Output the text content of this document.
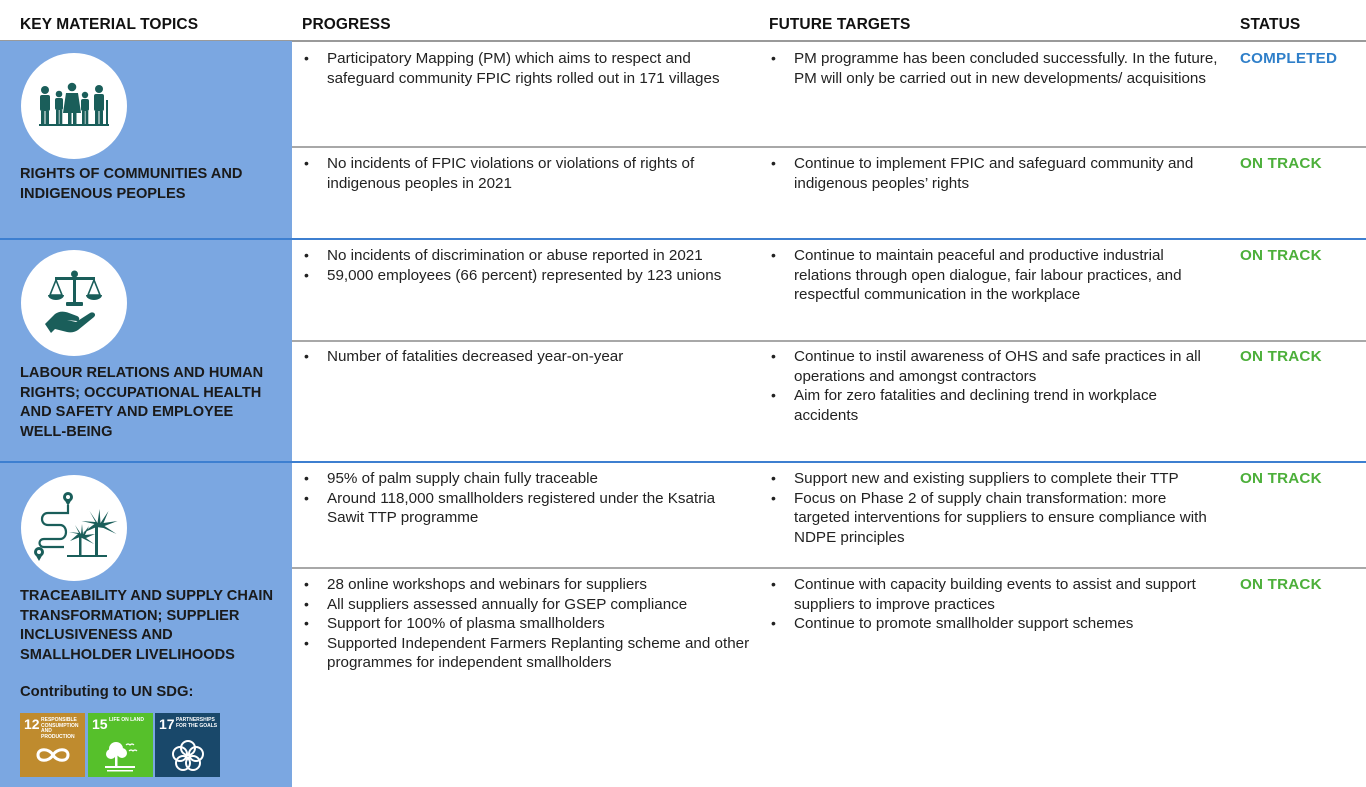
KEY MATERIAL TOPICS	PROGRESS	FUTURE TARGETS	STATUS
RIGHTS OF COMMUNITIES AND INDIGENOUS PEOPLES
LABOUR RELATIONS AND HUMAN RIGHTS; OCCUPATIONAL HEALTH AND SAFETY AND EMPLOYEE WELL-BEING
TRACEABILITY AND SUPPLY CHAIN TRANSFORMATION; SUPPLIER INCLUSIVENESS AND SMALLHOLDER LIVELIHOODS
• Participatory Mapping (PM) which aims to respect and safeguard community FPIC rights rolled out in 171 villages
• PM programme has been concluded successfully. In the future, PM will only be carried out in new developments/ acquisitions
COMPLETED
• No incidents of FPIC violations or violations of rights of indigenous peoples in 2021
• Continue to implement FPIC and safeguard community and indigenous peoples’ rights
ON TRACK
• No incidents of discrimination or abuse reported in 2021
• 59,000 employees (66 percent) represented by 123 unions
• Continue to maintain peaceful and productive industrial relations through open dialogue, fair labour practices, and respectful communication in the workplace
ON TRACK
• Number of fatalities decreased year-on-year
•	Continue to instil awareness of OHS and safe practices in all operations and amongst contractors
• Aim for zero fatalities and declining trend in workplace accidents
ON TRACK
• 95% of palm supply chain fully traceable
• Around 118,000 smallholders registered under the Ksatria Sawit TTP programme
• Support new and existing suppliers to complete their TTP
• Focus on Phase 2 of supply chain transformation: more targeted interventions for suppliers to ensure compliance with NDPE principles
ON TRACK
• 28 online workshops and webinars for suppliers
• All suppliers assessed annually for GSEP compliance
• Support for 100% of plasma smallholders
• Supported Independent Farmers Replanting scheme and other programmes for independent smallholders
• Continue with capacity building events to assist and support suppliers to improve practices
• Continue to promote smallholder support schemes
ON TRACK
Contributing to UN SDG:
12 RESPONSIBLE CONSUMPTION AND PRODUCTION
15 LIFE ON LAND	17 PARTNERSHIPS FOR THE GOALS
